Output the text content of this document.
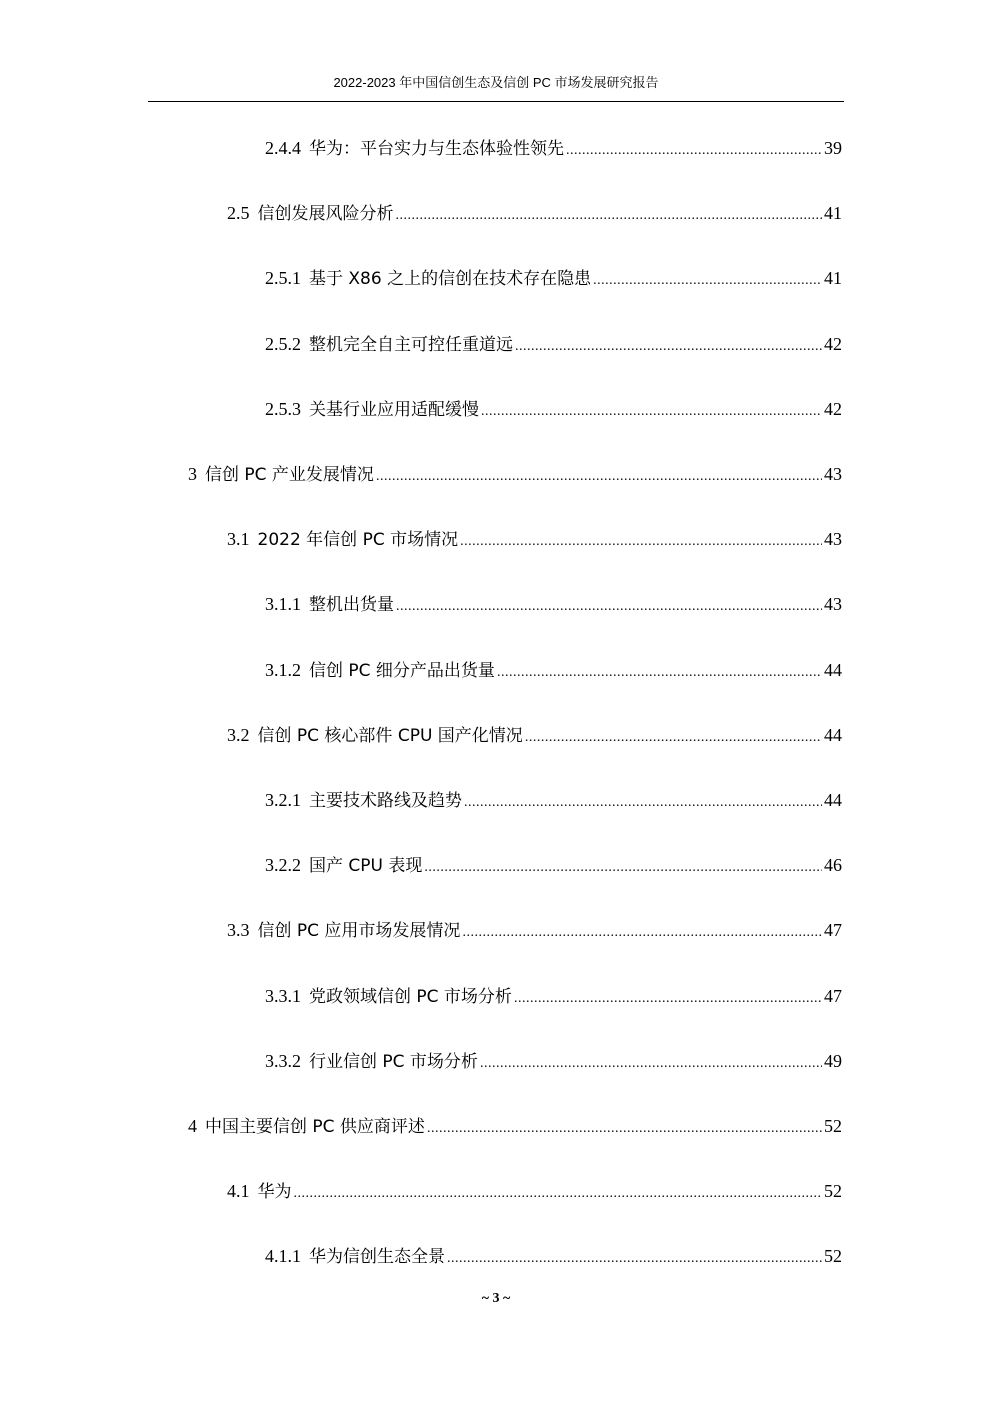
2022-2023 年中国信创生态及信创 PC 市场发展研究报告
2.4.4 华为：平台实力与生态体验性领先 .....	39
2.5 信创发展风险分析 .....	41
2.5.1 基于 X86 之上的信创在技术存在隐患 .....	41
2.5.2 整机完全自主可控任重道远 .....	42
2.5.3 关基行业应用适配缓慢 .....	42
3 信创 PC 产业发展情况 .....	43
3.1 2022 年信创 PC 市场情况 .....	43
3.1.1 整机出货量 .....	43
3.1.2 信创 PC 细分产品出货量 .....	44
3.2 信创 PC 核心部件 CPU 国产化情况 .....	44
3.2.1 主要技术路线及趋势 .....	44
3.2.2 国产 CPU 表现 .....	46
3.3 信创 PC 应用市场发展情况 .....	47
3.3.1 党政领域信创 PC 市场分析 .....	47
3.3.2 行业信创 PC 市场分析 .....	49
4 中国主要信创 PC 供应商评述 .....	52
4.1 华为 .....	52
4.1.1 华为信创生态全景 .....	52
~ 3 ~
